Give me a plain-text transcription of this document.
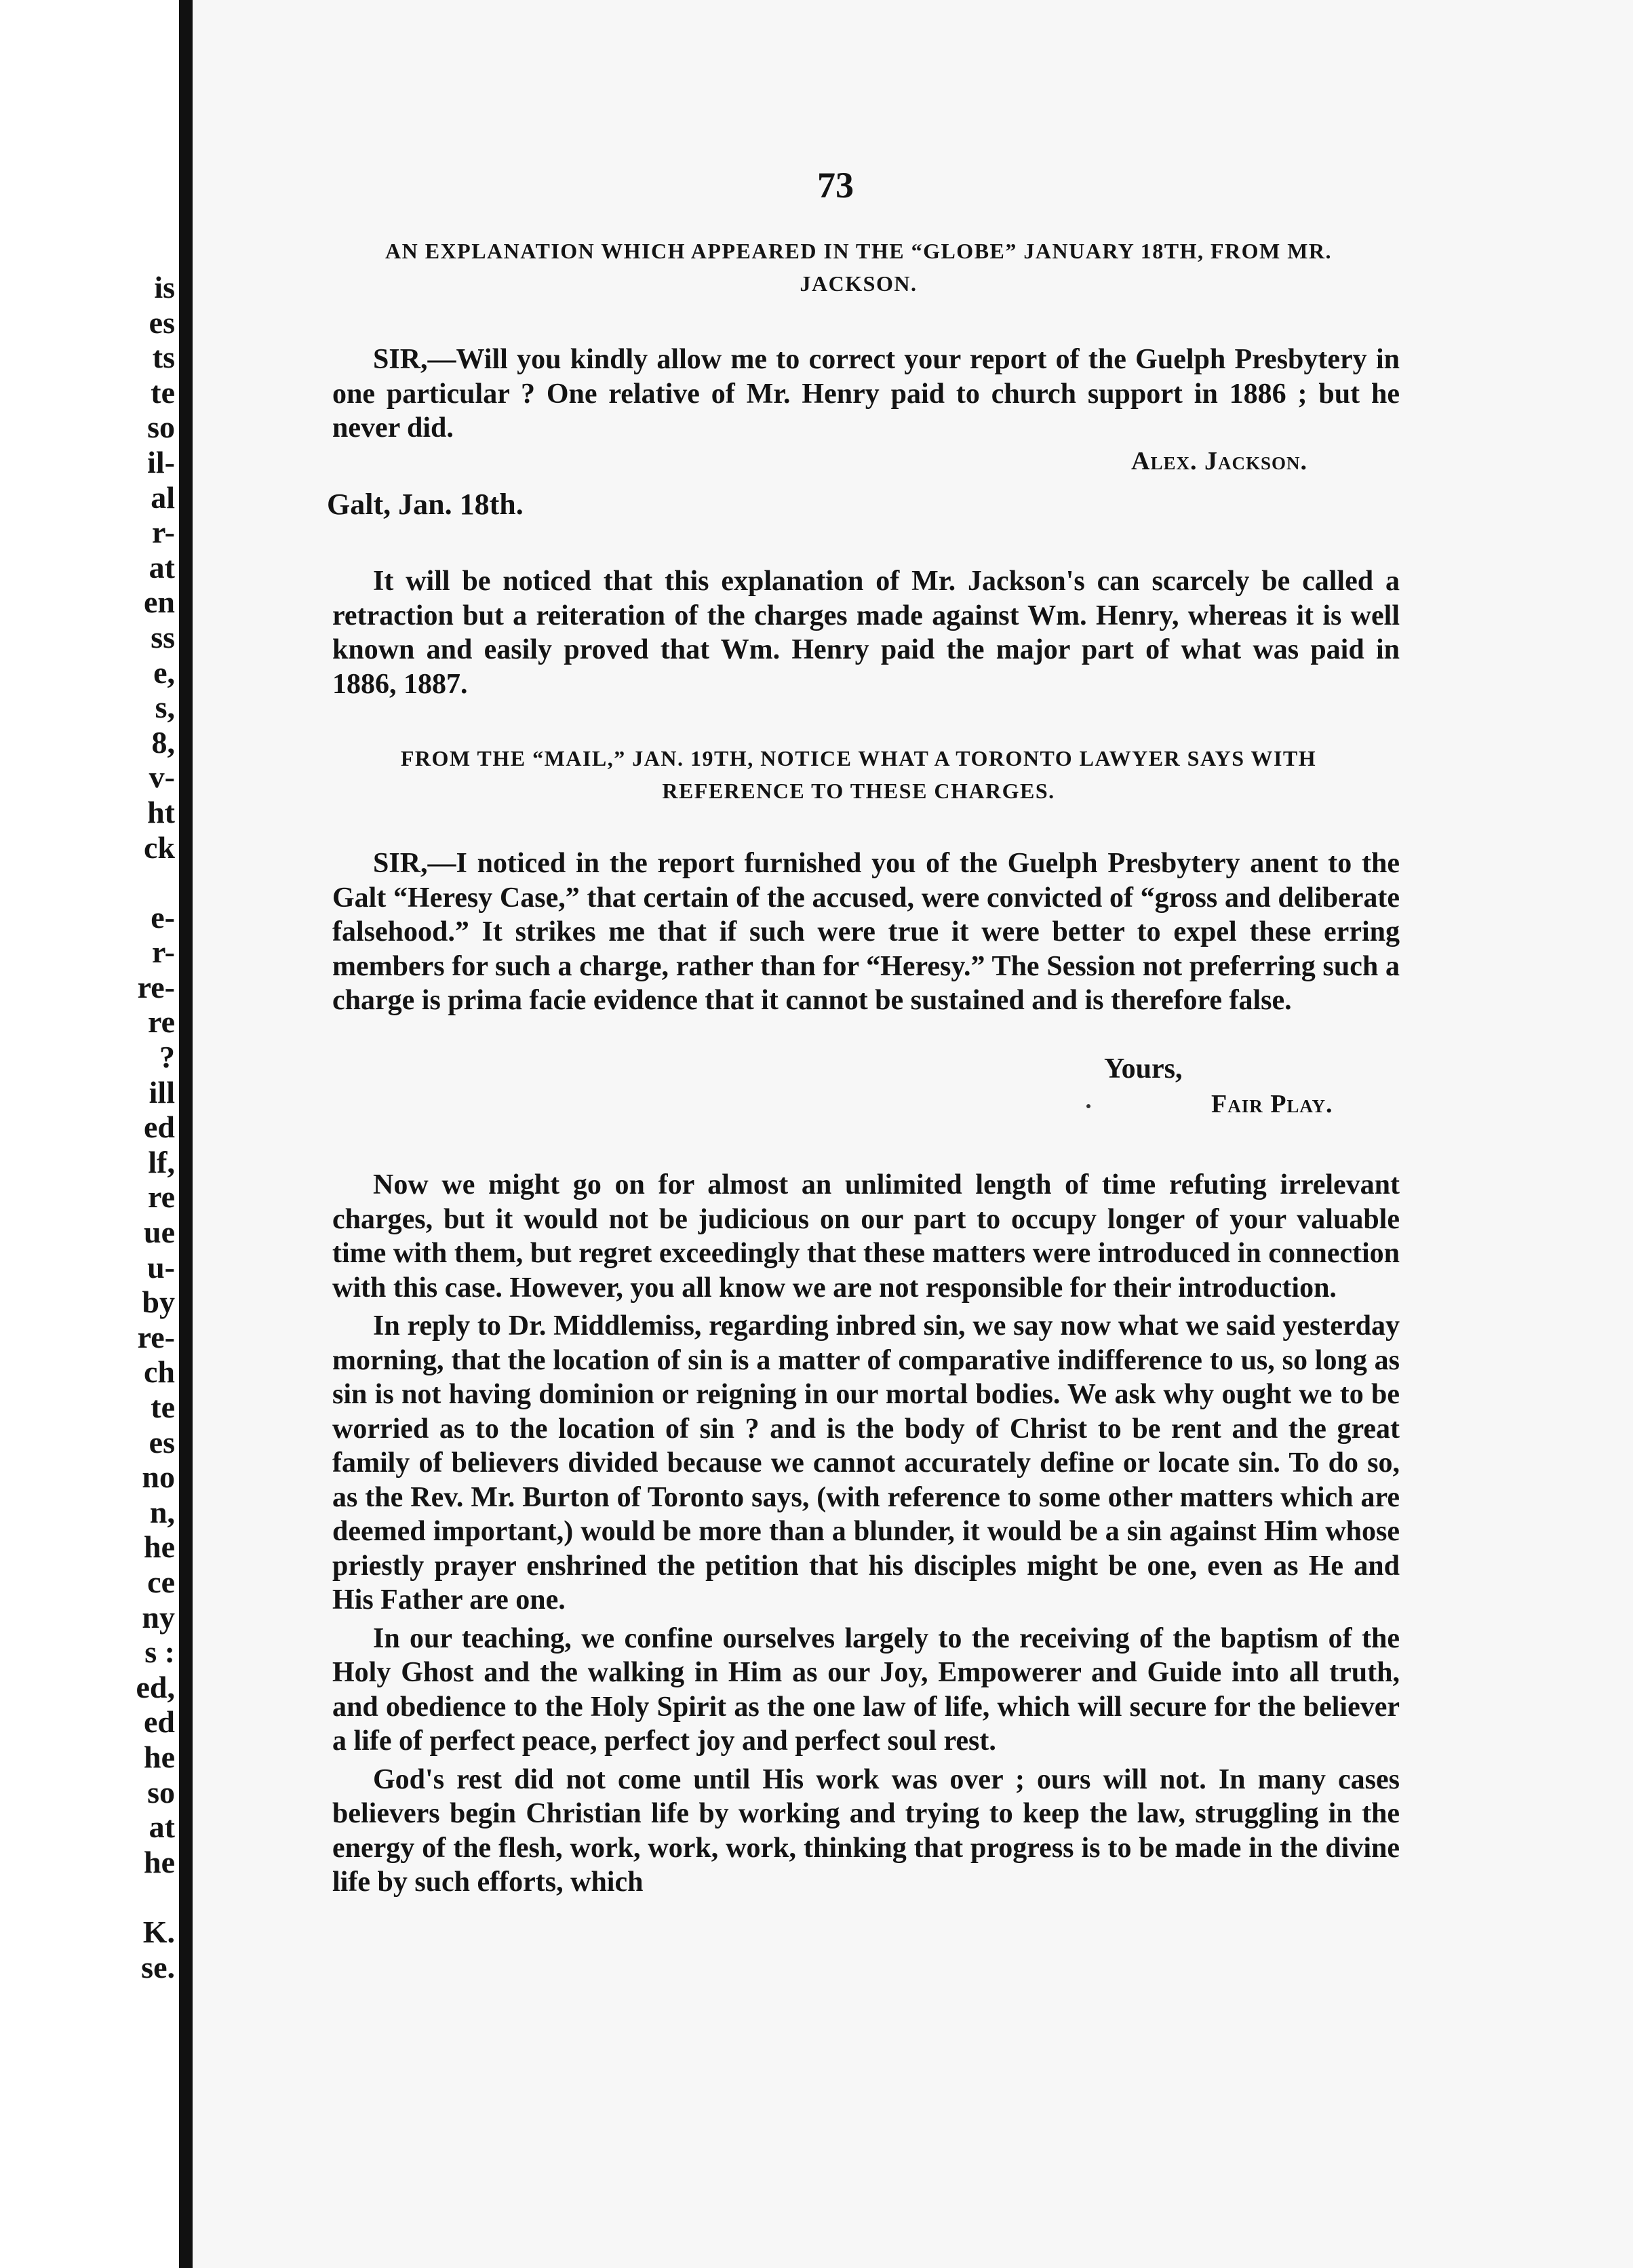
is
es
ts
te
so
il-
al
r-
at
en
ss
e,
s,
8,
v-
ht
ck

e-
r-
re-
re
?
ill
ed
lf,
re
ue
u-
by
re-
ch
te
es
no
n,
he
ce
ny
s :
ed,
ed
he
so
at
he

K.
se.
73
AN EXPLANATION WHICH APPEARED IN THE “GLOBE” JANUARY 18TH, FROM MR.
JACKSON.
SIR,—Will you kindly allow me to correct your report of the Guelph Presbytery in one particular ? One relative of Mr. Henry paid to church support in 1886 ; but he never did.
Alex. Jackson.
Galt, Jan. 18th.
It will be noticed that this explanation of Mr. Jackson's can scarcely be called a retraction but a reiteration of the charges made against Wm. Henry, whereas it is well known and easily proved that Wm. Henry paid the major part of what was paid in 1886, 1887.
FROM THE “MAIL,” JAN. 19TH, NOTICE WHAT A TORONTO LAWYER SAYS WITH
REFERENCE TO THESE CHARGES.
SIR,—I noticed in the report furnished you of the Guelph Presbytery anent to the Galt “Heresy Case,” that certain of the accused, were convicted of “gross and deliberate falsehood.” It strikes me that if such were true it were better to expel these erring members for such a charge, rather than for “Heresy.” The Session not preferring such a charge is prima facie evidence that it cannot be sustained and is therefore false.
Yours,
Fair Play.

Now we might go on for almost an unlimited length of time refuting irrelevant charges, but it would not be judicious on our part to occupy longer of your valuable time with them, but regret exceedingly that these matters were introduced in connection with this case. However, you all know we are not responsible for their introduction.

In reply to Dr. Middlemiss, regarding inbred sin, we say now what we said yesterday morning, that the location of sin is a matter of comparative indifference to us, so long as sin is not having dominion or reigning in our mortal bodies. We ask why ought we to be worried as to the location of sin ? and is the body of Christ to be rent and the great family of believers divided because we cannot accurately define or locate sin. To do so, as the Rev. Mr. Burton of Toronto says, (with reference to some other matters which are deemed important,) would be more than a blunder, it would be a sin against Him whose priestly prayer enshrined the petition that his disciples might be one, even as He and His Father are one.

In our teaching, we confine ourselves largely to the receiving of the baptism of the Holy Ghost and the walking in Him as our Joy, Empowerer and Guide into all truth, and obedience to the Holy Spirit as the one law of life, which will secure for the believer a life of perfect peace, perfect joy and perfect soul rest.

God's rest did not come until His work was over ; ours will not. In many cases believers begin Christian life by working and trying to keep the law, struggling in the energy of the flesh, work, work, work, thinking that progress is to be made in the divine life by such efforts, which
